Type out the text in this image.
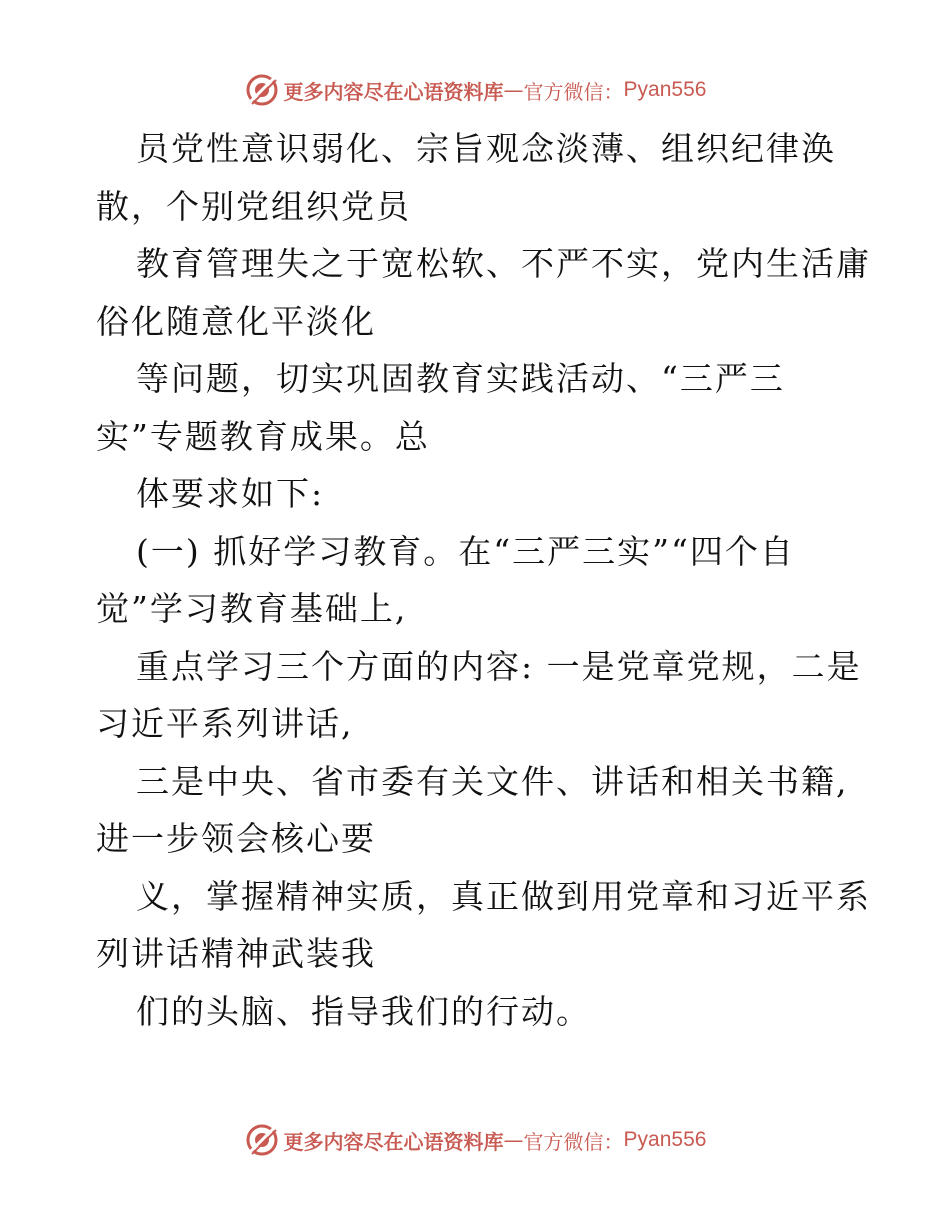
更多内容尽在心语资料库 — 官方微信： Pyan556
员党性意识弱化、宗旨观念淡薄、组织纪律涣
散，个别党组织党员
教育管理失之于宽松软、不严不实，党内生活庸
俗化随意化平淡化
等问题，切实巩固教育实践活动、“三严三
实”专题教育成果。总
体要求如下:
(一) 抓好学习教育。在“三严三实”“四个自
觉”学习教育基础上,
重点学习三个方面的内容: 一是党章党规，二是
习近平系列讲话,
三是中央、省市委有关文件、讲话和相关书籍,
进一步领会核心要
义，掌握精神实质，真正做到用党章和习近平系
列讲话精神武装我
们的头脑、指导我们的行动。
更多内容尽在心语资料库 — 官方微信： Pyan556
